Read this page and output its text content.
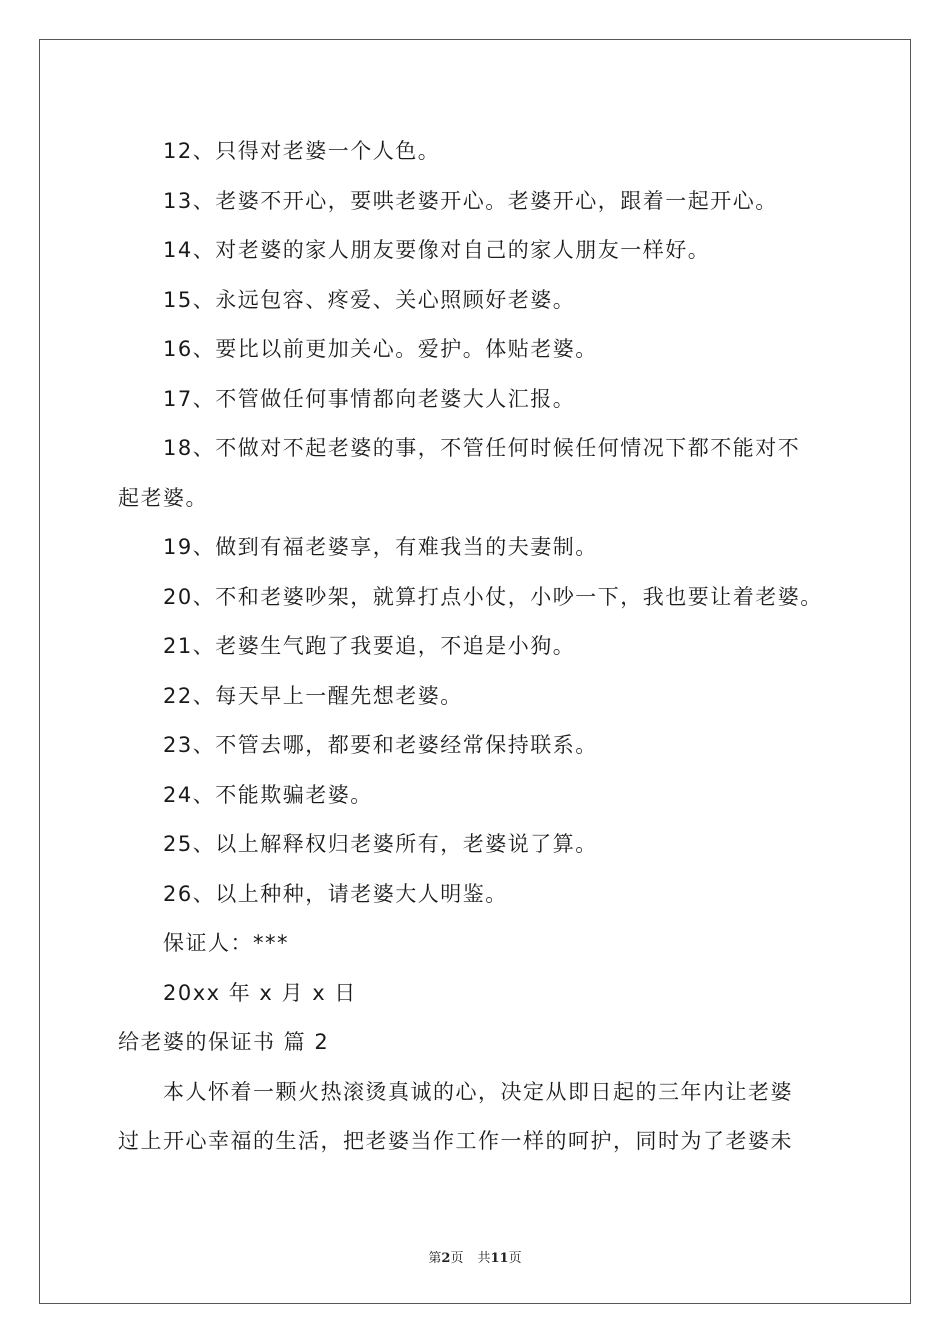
12、只得对老婆一个人色。
13、老婆不开心，要哄老婆开心。老婆开心，跟着一起开心。
14、对老婆的家人朋友要像对自己的家人朋友一样好。
15、永远包容、疼爱、关心照顾好老婆。
16、要比以前更加关心。爱护。体贴老婆。
17、不管做任何事情都向老婆大人汇报。
18、不做对不起老婆的事，不管任何时候任何情况下都不能对不
起老婆。
19、做到有福老婆享，有难我当的夫妻制。
20、不和老婆吵架，就算打点小仗，小吵一下，我也要让着老婆。
21、老婆生气跑了我要追，不追是小狗。
22、每天早上一醒先想老婆。
23、不管去哪，都要和老婆经常保持联系。
24、不能欺骗老婆。
25、以上解释权归老婆所有，老婆说了算。
26、以上种种，请老婆大人明鉴。
保证人：***
20xx 年 x 月 x 日
给老婆的保证书 篇 2
本人怀着一颗火热滚烫真诚的心，决定从即日起的三年内让老婆
过上开心幸福的生活，把老婆当作工作一样的呵护，同时为了老婆未
第2页 共11页
